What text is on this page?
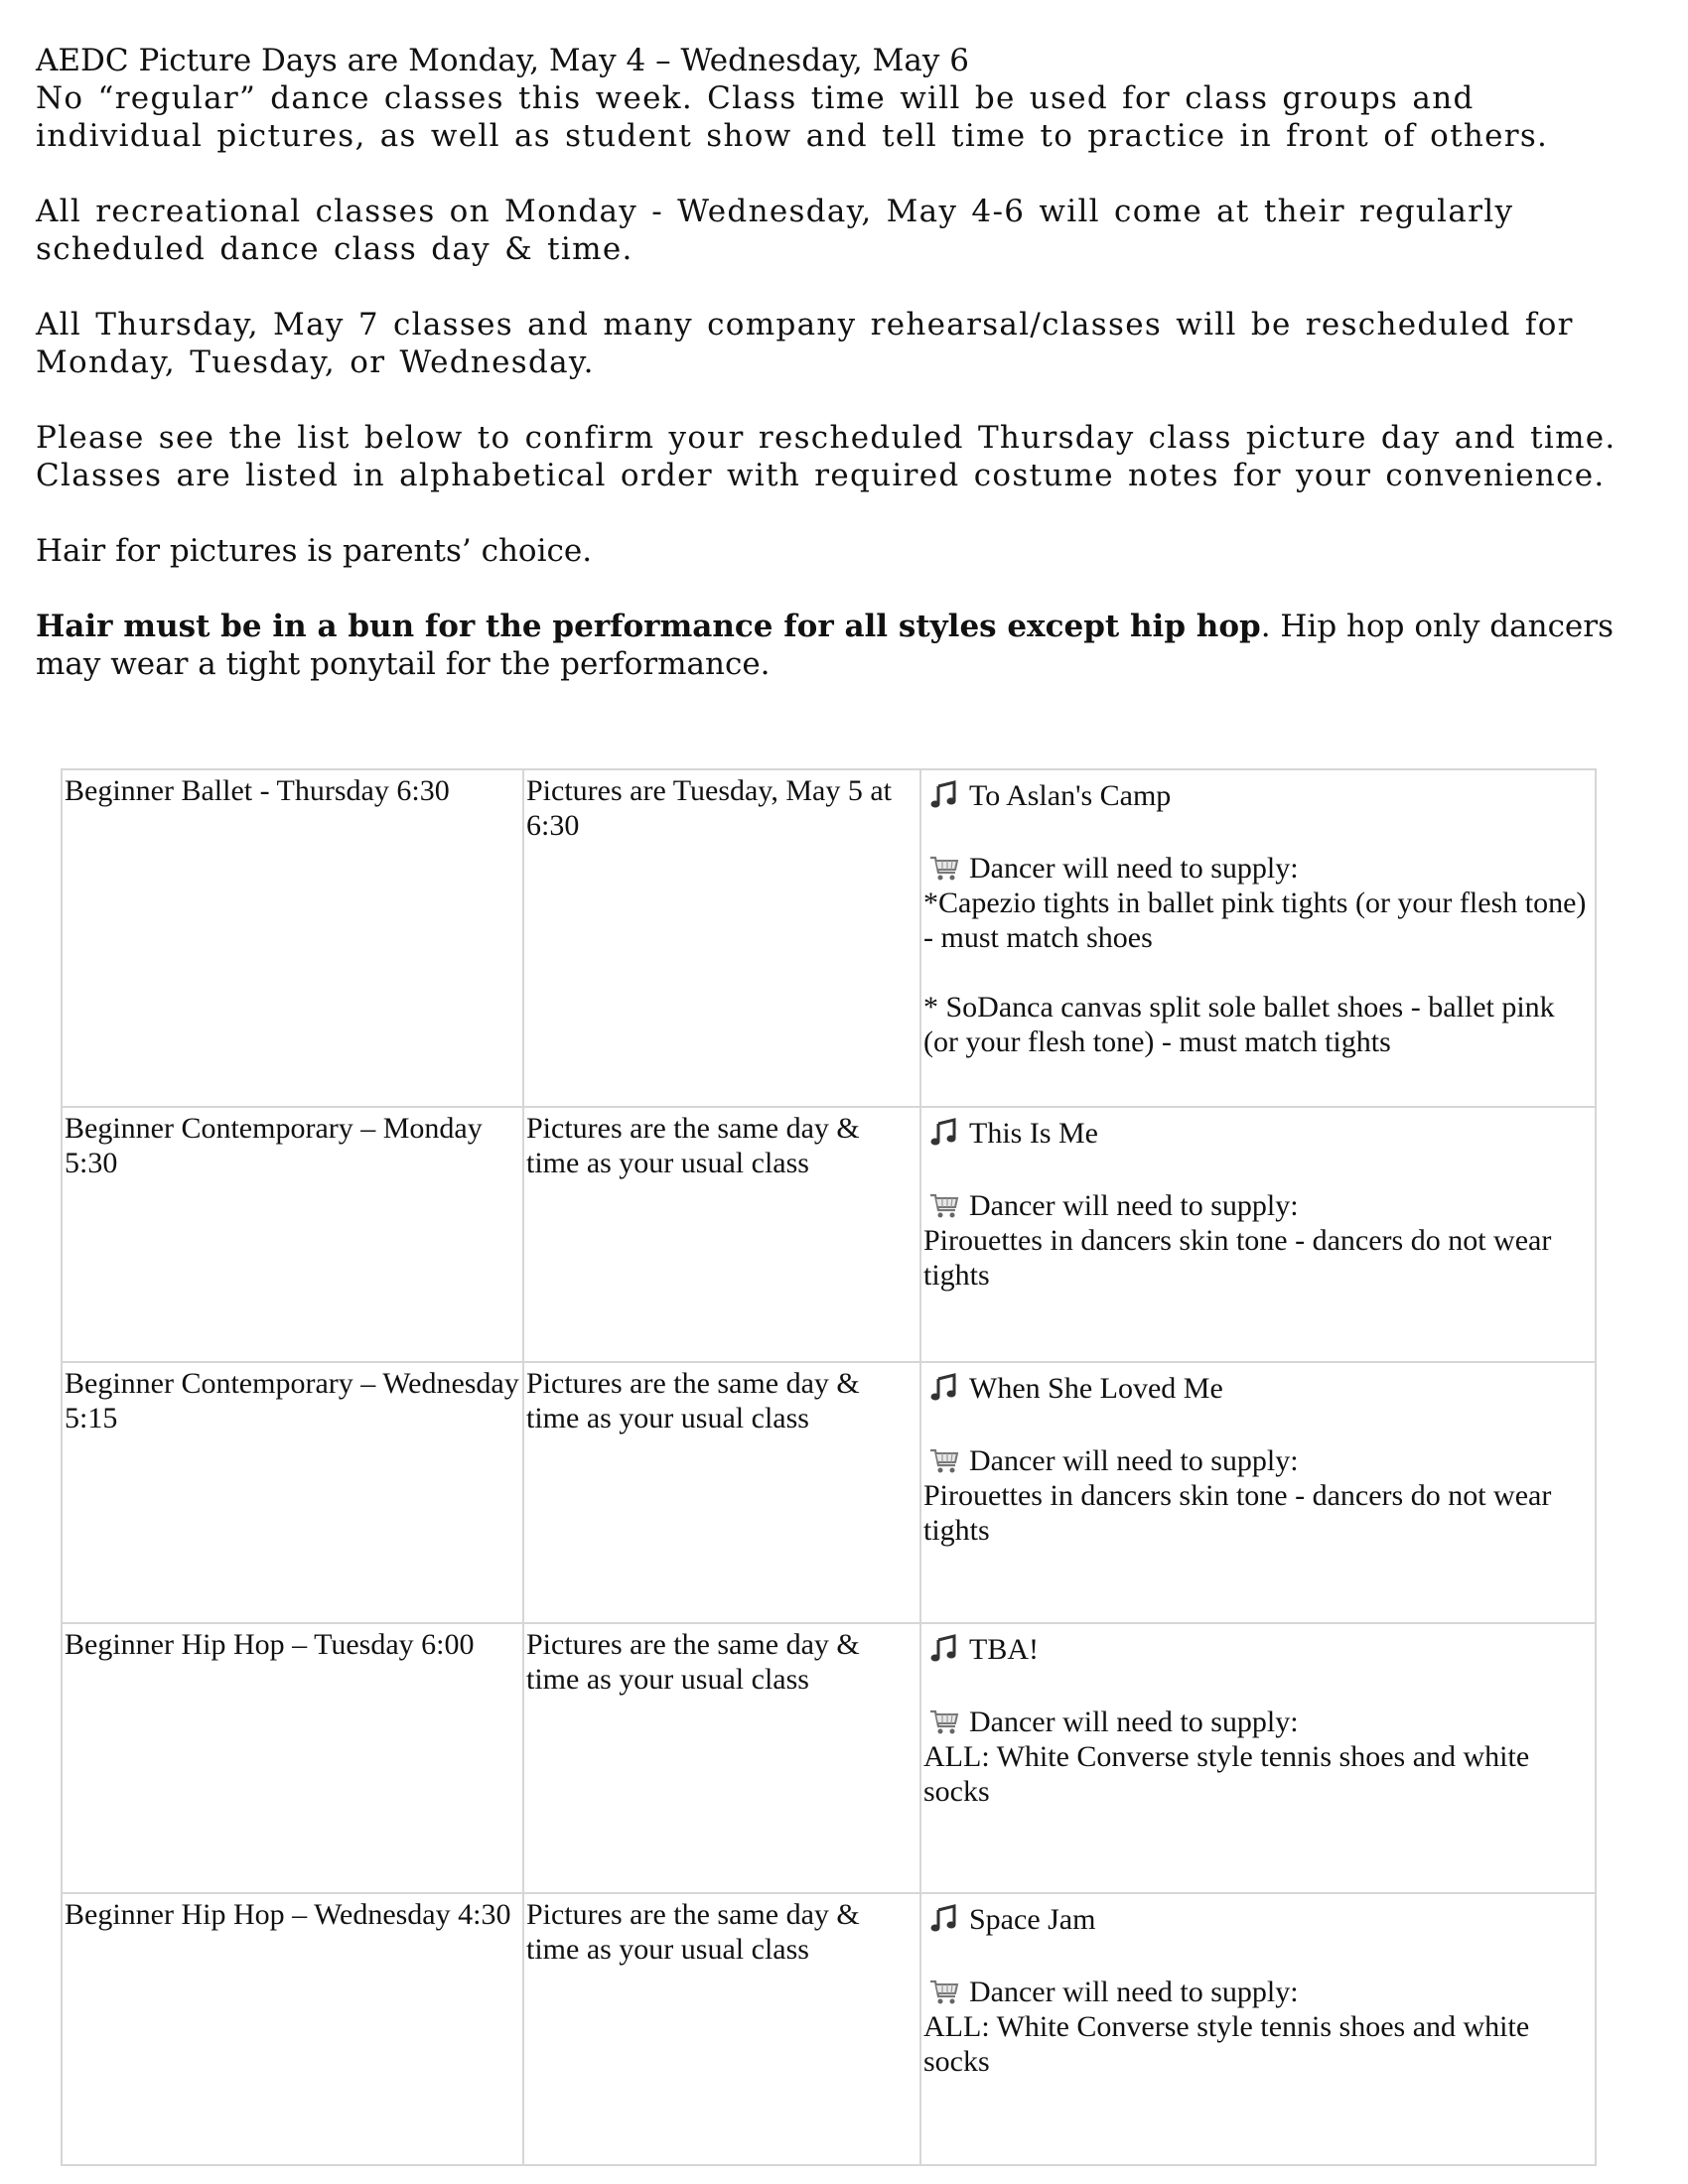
AEDC Picture Days are Monday, May 4 – Wednesday, May 6

No “regular” dance classes this week. Class time will be used for class groups and individual pictures, as well as student show and tell time to practice in front of others.

All recreational classes on Monday - Wednesday, May 4-6 will come at their regularly scheduled dance class day & time.

All Thursday, May 7 classes and many company rehearsal/classes will be rescheduled for Monday, Tuesday, or Wednesday.

Please see the list below to confirm your rescheduled Thursday class picture day and time. Classes are listed in alphabetical order with required costume notes for your convenience.

Hair for pictures is parents’ choice.

Hair must be in a bun for the performance for all styles except hip hop. Hip hop only dancers may wear a tight ponytail for the performance.

Beginner Ballet - Thursday 6:30	Pictures are Tuesday, May 5 at 6:30	To Aslan's Camp

Dancer will need to supply:

*Capezio tights in ballet pink tights (or your flesh tone) - must match shoes

* SoDanca canvas split sole ballet shoes - ballet pink (or your flesh tone) - must match tights

Beginner Contemporary – Monday 5:30	Pictures are the same day & time as your usual class	This Is Me

Dancer will need to supply:

Pirouettes in dancers skin tone - dancers do not wear tights

Beginner Contemporary – Wednesday 5:15	Pictures are the same day & time as your usual class	When She Loved Me

Dancer will need to supply:

Pirouettes in dancers skin tone - dancers do not wear tights

Beginner Hip Hop – Tuesday 6:00	Pictures are the same day & time as your usual class	TBA!

Dancer will need to supply:

ALL: White Converse style tennis shoes and white socks

Beginner Hip Hop – Wednesday 4:30	Pictures are the same day & time as your usual class	Space Jam

Dancer will need to supply:

ALL: White Converse style tennis shoes and white socks
